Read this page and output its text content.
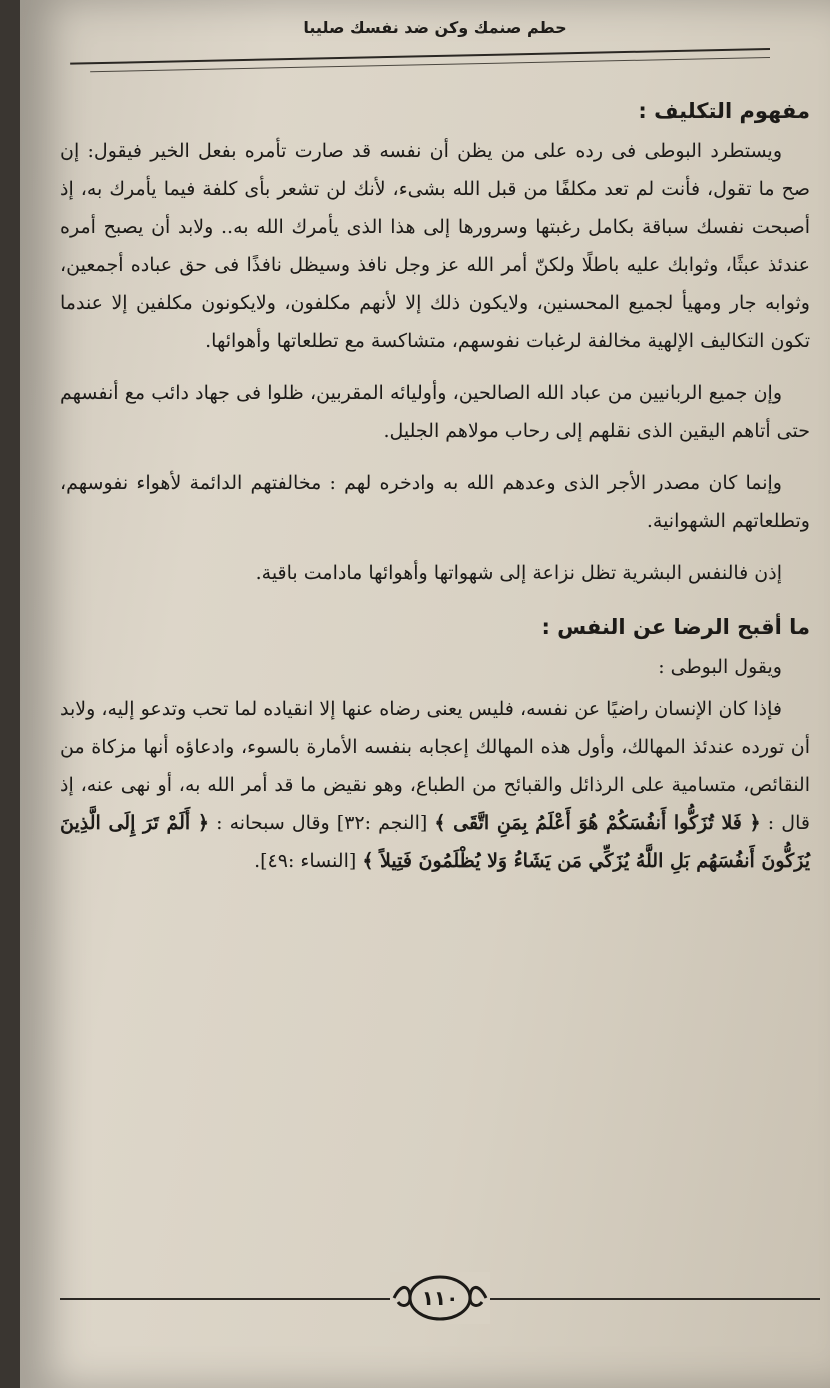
حطم صنمك وكن ضد نفسك صليبا
مفهوم التكليف :

ويستطرد البوطى فى رده على من يظن أن نفسه قد صارت تأمره بفعل الخير فيقول: إن صح ما تقول، فأنت لم تعد مكلفًا من قبل الله بشىء، لأنك لن تشعر بأى كلفة فيما يأمرك به، إذ أصبحت نفسك سباقة بكامل رغبتها وسرورها إلى هذا الذى يأمرك الله به.. ولابد أن يصبح أمره عندئذ عبثًا، وثوابك عليه باطلًا ولكنّ أمر الله عز وجل نافذ وسيظل نافذًا فى حق عباده أجمعين، وثوابه جار ومهيأ لجميع المحسنين، ولايكون ذلك إلا لأنهم مكلفون، ولايكونون مكلفين إلا عندما تكون التكاليف الإلهية مخالفة لرغبات نفوسهم، متشاكسة مع تطلعاتها وأهوائها.

وإن جميع الربانيين من عباد الله الصالحين، وأوليائه المقربين، ظلوا فى جهاد دائب مع أنفسهم حتى أتاهم اليقين الذى نقلهم إلى رحاب مولاهم الجليل.

وإنما كان مصدر الأجر الذى وعدهم الله به وادخره لهم : مخالفتهم الدائمة لأهواء نفوسهم، وتطلعاتهم الشهوانية.

إذن فالنفس البشرية تظل نزاعة إلى شهواتها وأهوائها مادامت باقية.

ما أقبح الرضا عن النفس :

ويقول البوطى :

فإذا كان الإنسان راضيًا عن نفسه، فليس يعنى رضاه عنها إلا انقياده لما تحب وتدعو إليه، ولابد أن تورده عندئذ المهالك، وأول هذه المهالك إعجابه بنفسه الأمارة بالسوء، وادعاؤه أنها مزكاة من النقائص، متسامية على الرذائل والقبائح من الطباع، وهو نقيض ما قد أمر الله به، أو نهى عنه، إذ قال : ﴿ فَلا تُزَكُّوا أَنفُسَكُمْ هُوَ أَعْلَمُ بِمَنِ اتَّقَى ﴾ [النجم :٣٢] وقال سبحانه : ﴿ أَلَمْ تَرَ إِلَى الَّذِينَ يُزَكُّونَ أَنفُسَهُم بَلِ اللَّهُ يُزَكِّي مَن يَشَاءُ وَلا يُظْلَمُونَ فَتِيلاً ﴾ [النساء :٤٩].

١١٠
